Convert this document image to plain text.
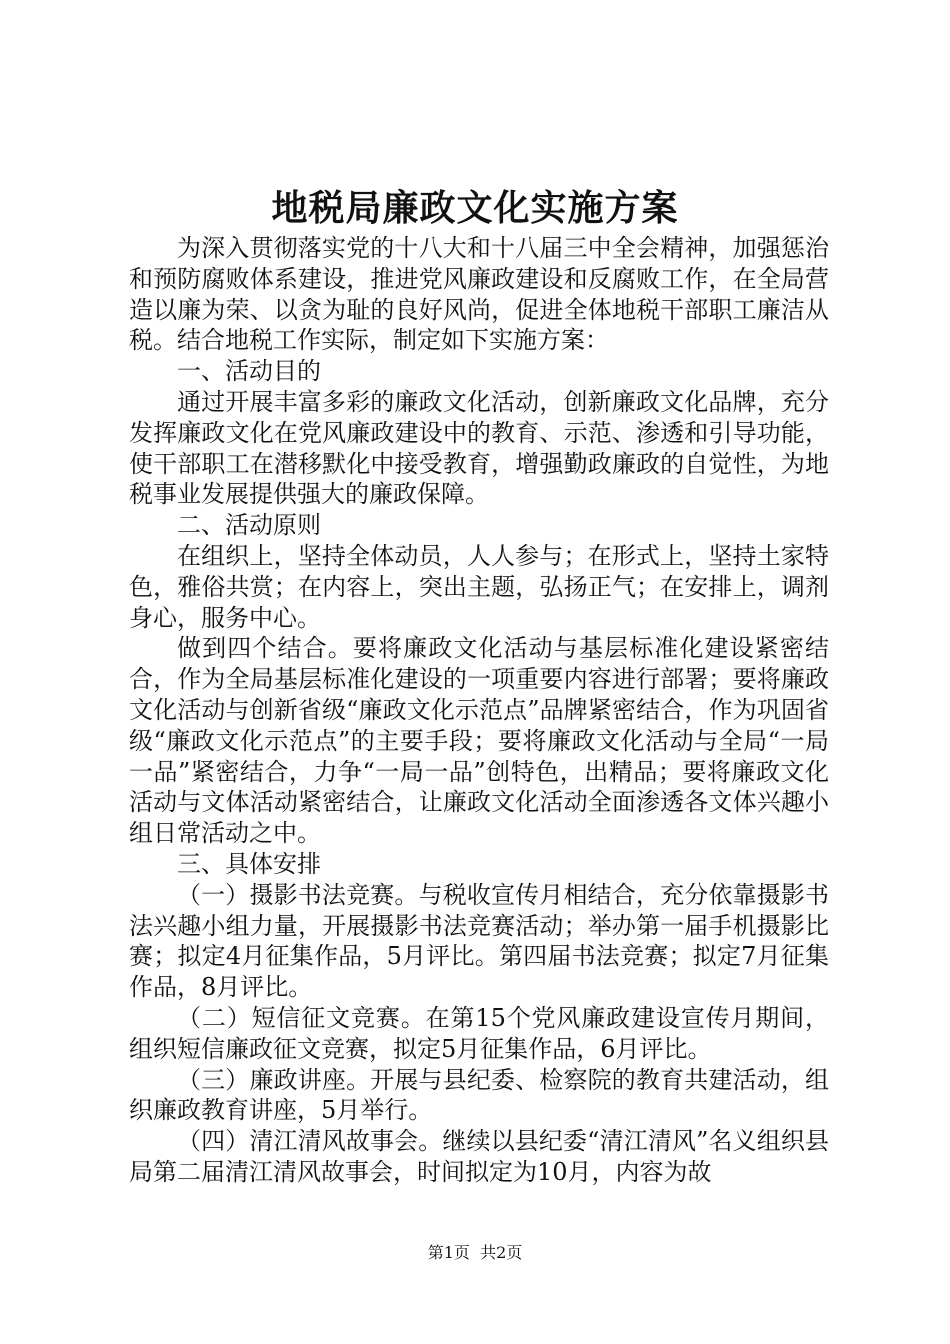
地税局廉政文化实施方案

为深入贯彻落实党的十八大和十八届三中全会精神，加强惩治和预防腐败体系建设，推进党风廉政建设和反腐败工作，在全局营造以廉为荣、以贪为耻的良好风尚，促进全体地税干部职工廉洁从税。结合地税工作实际，制定如下实施方案：

一、活动目的

通过开展丰富多彩的廉政文化活动，创新廉政文化品牌，充分发挥廉政文化在党风廉政建设中的教育、示范、渗透和引导功能，使干部职工在潜移默化中接受教育，增强勤政廉政的自觉性，为地税事业发展提供强大的廉政保障。

二、活动原则

在组织上，坚持全体动员，人人参与；在形式上，坚持土家特色，雅俗共赏；在内容上，突出主题，弘扬正气；在安排上，调剂身心，服务中心。

做到四个结合。要将廉政文化活动与基层标准化建设紧密结合，作为全局基层标准化建设的一项重要内容进行部署；要将廉政文化活动与创新省级“廉政文化示范点”品牌紧密结合，作为巩固省级“廉政文化示范点”的主要手段；要将廉政文化活动与全局“一局一品”紧密结合，力争“一局一品”创特色，出精品；要将廉政文化活动与文体活动紧密结合，让廉政文化活动全面渗透各文体兴趣小组日常活动之中。

三、具体安排

（一）摄影书法竞赛。与税收宣传月相结合，充分依靠摄影书法兴趣小组力量，开展摄影书法竞赛活动；举办第一届手机摄影比赛；拟定4月征集作品，5月评比。第四届书法竞赛；拟定7月征集作品，8月评比。

（二）短信征文竞赛。在第15个党风廉政建设宣传月期间，组织短信廉政征文竞赛，拟定5月征集作品，6月评比。

（三）廉政讲座。开展与县纪委、检察院的教育共建活动，组织廉政教育讲座，5月举行。

（四）清江清风故事会。继续以县纪委“清江清风”名义组织县局第二届清江清风故事会，时间拟定为10月，内容为故

第1页 共2页
